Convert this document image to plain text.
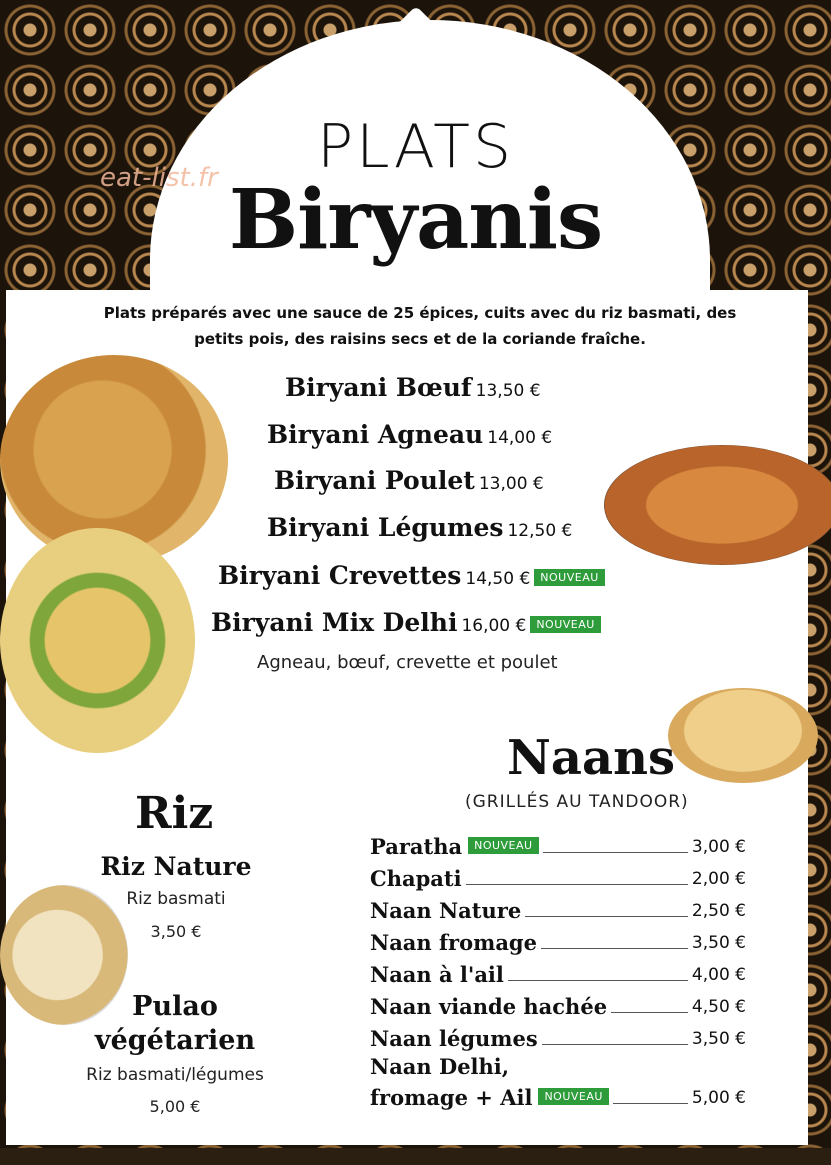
PLATS
eat-list.fr Biryanis
Plats préparés avec une sauce de 25 épices, cuits avec du riz basmati, des petits pois, des raisins secs et de la coriande fraîche.
Biryani Bœuf 13,50 €
Biryani Agneau 14,00 €
Biryani Poulet 13,00 €
Biryani Légumes 12,50 €
Biryani Crevettes 14,50 € NOUVEAU
Biryani Mix Delhi 16,00 € NOUVEAU
Agneau, bœuf, crevette et poulet
Naans
(GRILLÉS AU TANDOOR)
Paratha	NOUVEAU	3,00 €
Chapati	2,00 €
Naan Nature	2,50 €
Naan fromage	3,50 €
Naan à l'ail	4,00 €
Naan viande hachée	4,50 €
Naan légumes	3,50 €
Naan Delhi,
fromage + Ail	NOUVEAU	5,00 €
Riz
Riz Nature
Riz basmati
3,50 €
Pulao
végétarien
Riz basmati/légumes
5,00 €
